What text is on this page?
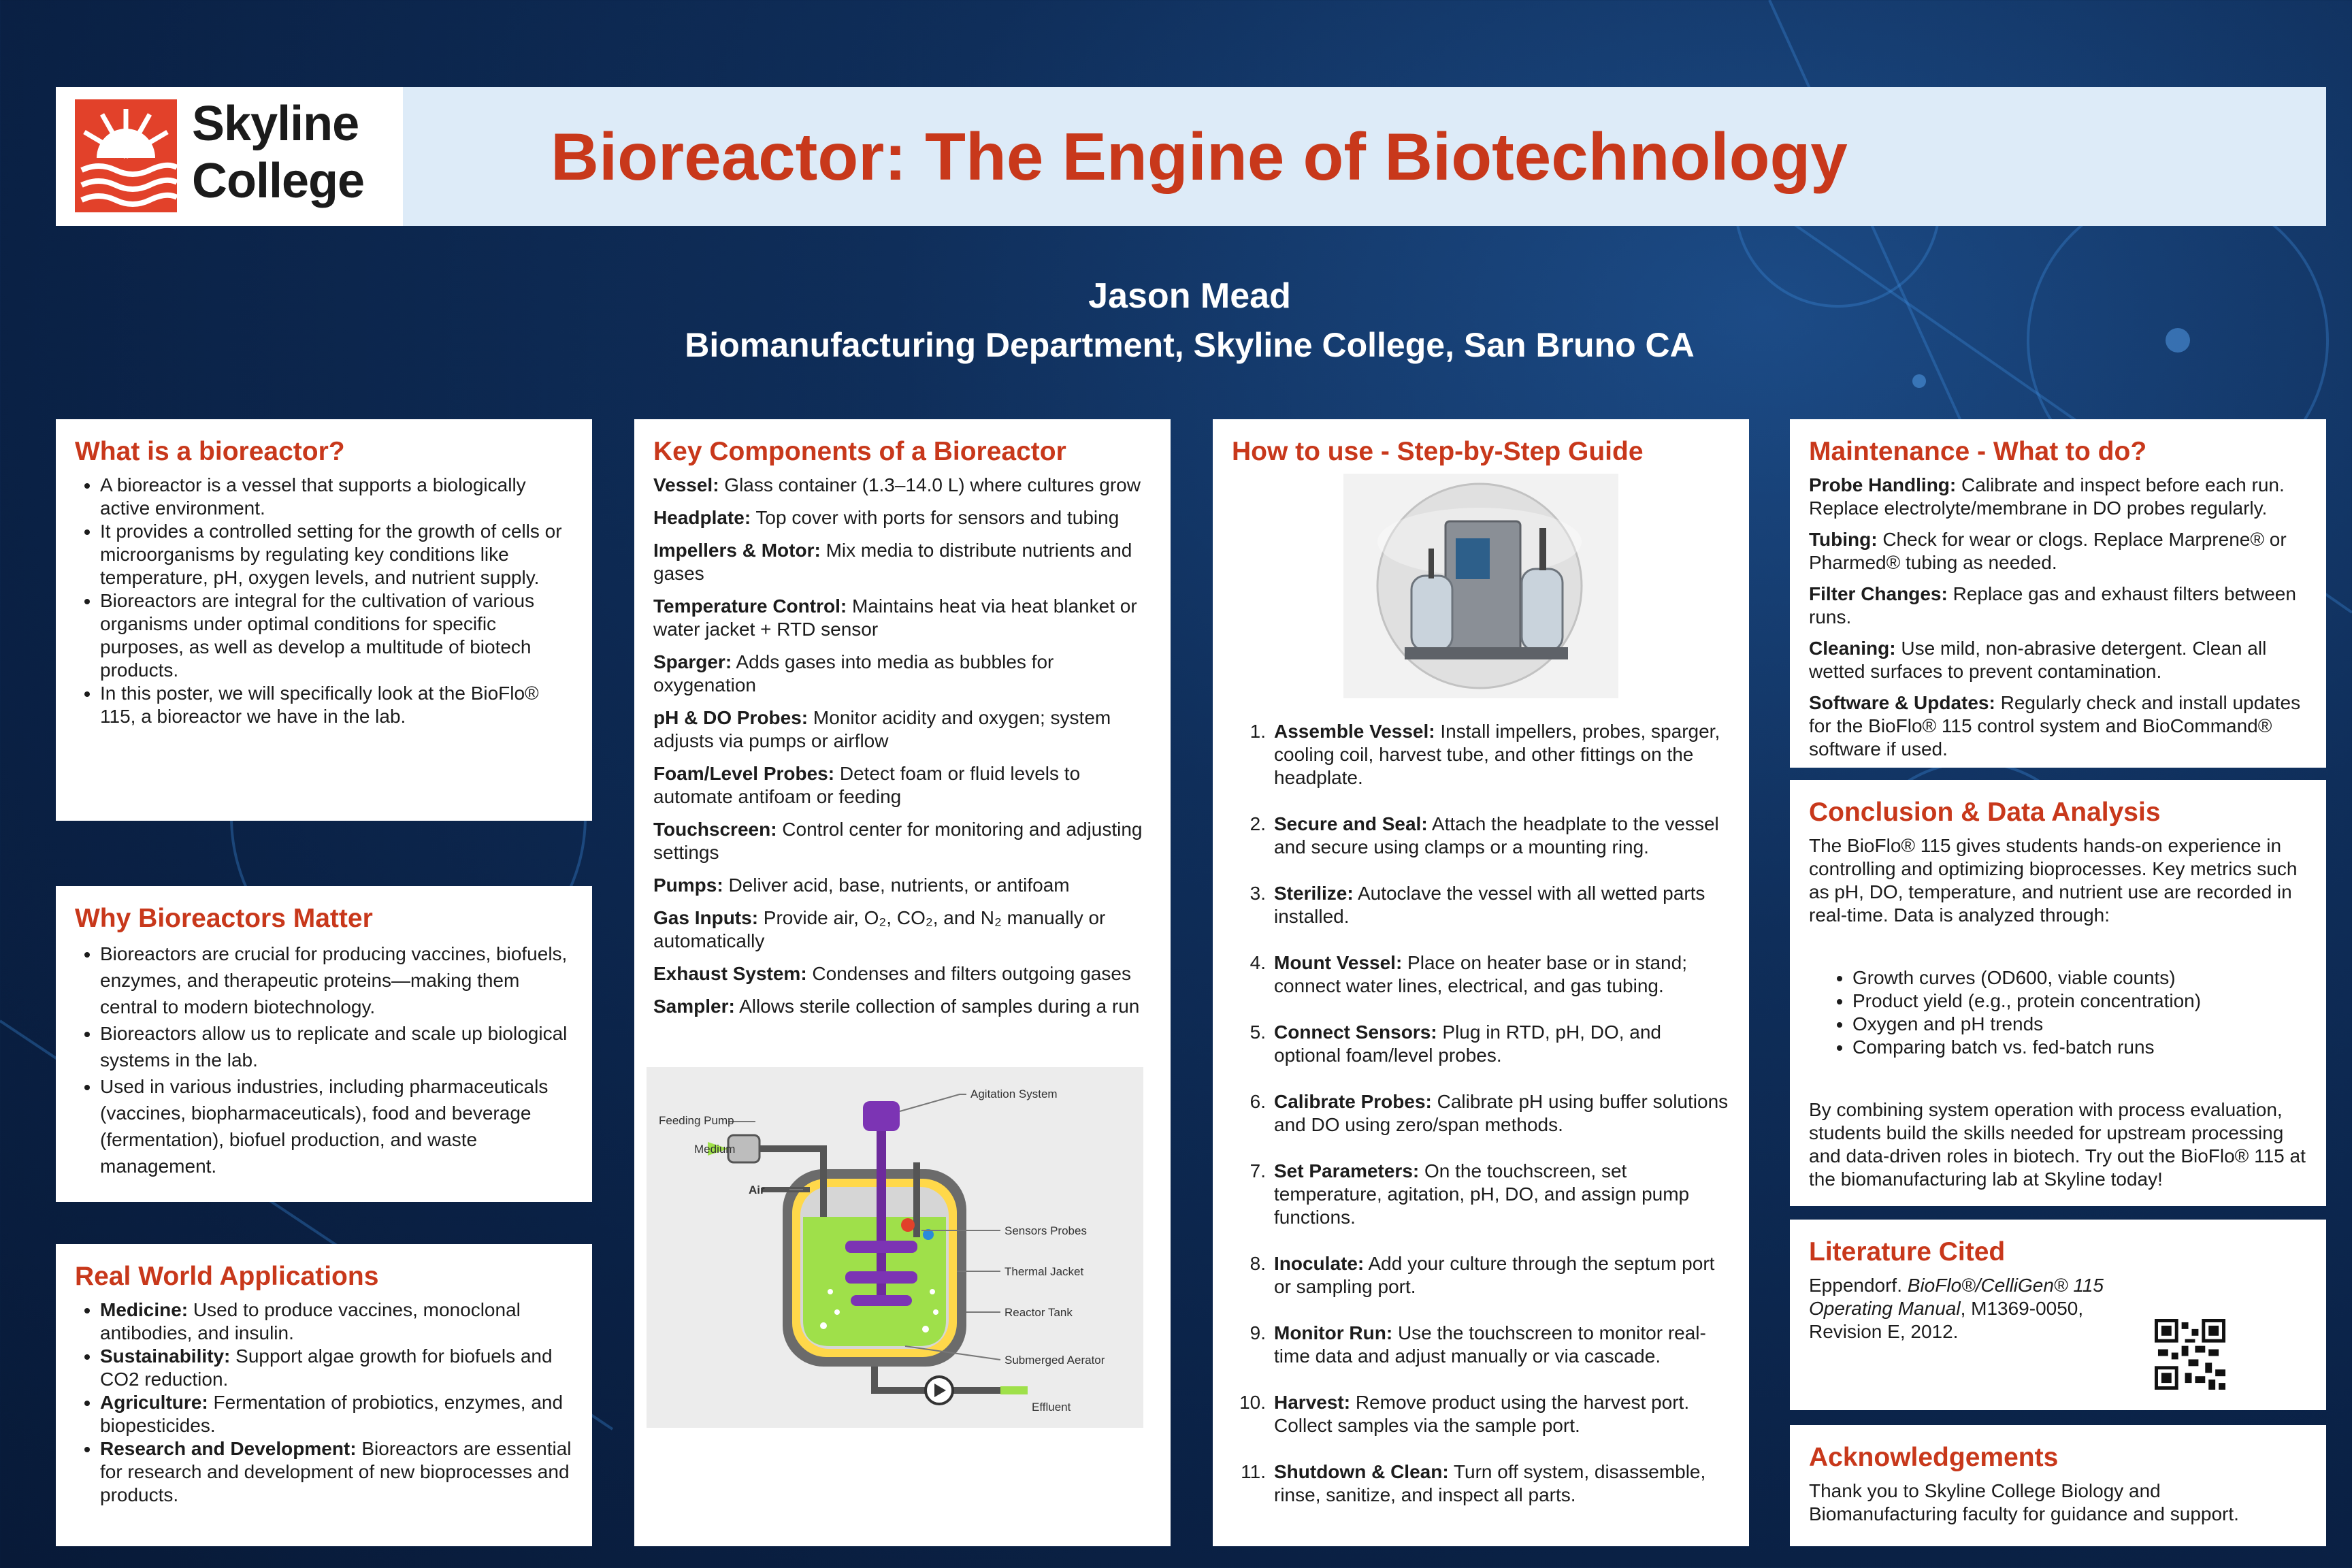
Skyline
College	Bioreactor: The Engine of Biotechnology
Jason Mead
Biomanufacturing Department, Skyline College, San Bruno CA
What is a bioreactor?
• A bioreactor is a vessel that supports a biologically active environment.
• It provides a controlled setting for the growth of cells or microorganisms by regulating key conditions like temperature, pH, oxygen levels, and nutrient supply.
• Bioreactors are integral for the cultivation of various organisms under optimal conditions for specific purposes, as well as develop a multitude of biotech products.
• In this poster, we will specifically look at the BioFlo® 115, a bioreactor we have in the lab.
Why Bioreactors Matter
• Bioreactors are crucial for producing vaccines, biofuels, enzymes, and therapeutic proteins—making them central to modern biotechnology.
• Bioreactors allow us to replicate and scale up biological systems in the lab.
• Used in various industries, including pharmaceuticals (vaccines, biopharmaceuticals), food and beverage (fermentation), biofuel production, and waste management.
Real World Applications
• Medicine: Used to produce vaccines, monoclonal antibodies, and insulin.
• Sustainability: Support algae growth for biofuels and CO2 reduction.
• Agriculture: Fermentation of probiotics, enzymes, and biopesticides.
• Research and Development: Bioreactors are essential for research and development of new bioprocesses and products.
Key Components of a Bioreactor

Vessel: Glass container (1.3–14.0 L) where cultures grow

Headplate: Top cover with ports for sensors and tubing

Impellers & Motor: Mix media to distribute nutrients and gases

Temperature Control: Maintains heat via heat blanket or water jacket + RTD sensor

Sparger: Adds gases into media as bubbles for oxygenation

pH & DO Probes: Monitor acidity and oxygen; system adjusts via pumps or airflow

Foam/Level Probes: Detect foam or fluid levels to automate antifoam or feeding

Touchscreen: Control center for monitoring and adjusting settings

Pumps: Deliver acid, base, nutrients, or antifoam

Gas Inputs: Provide air, O₂, CO₂, and N₂ manually or automatically

Exhaust System: Condenses and filters outgoing gases

Sampler: Allows sterile collection of samples during a run

Agitation System
Feeding Pump
Medium
Air
Sensors Probes
Thermal Jacket
Reactor Tank
Submerged Aerator
Effluent
How to use - Step-by-Step Guide
1. Assemble Vessel: Install impellers, probes, sparger, cooling coil, harvest tube, and other fittings on the headplate.
2. Secure and Seal: Attach the headplate to the vessel and secure using clamps or a mounting ring.
3. Sterilize: Autoclave the vessel with all wetted parts installed.
4. Mount Vessel: Place on heater base or in stand; connect water lines, electrical, and gas tubing.
5. Connect Sensors: Plug in RTD, pH, DO, and optional foam/level probes.
6. Calibrate Probes: Calibrate pH using buffer solutions and DO using zero/span methods.
7. Set Parameters: On the touchscreen, set temperature, agitation, pH, DO, and assign pump functions.
8. Inoculate: Add your culture through the septum port or sampling port.
9. Monitor Run: Use the touchscreen to monitor real-time data and adjust manually or via cascade.
10. Harvest: Remove product using the harvest port. Collect samples via the sample port.
11. Shutdown & Clean: Turn off system, disassemble, rinse, sanitize, and inspect all parts.
Maintenance - What to do?

Probe Handling: Calibrate and inspect before each run. Replace electrolyte/membrane in DO probes regularly.

Tubing: Check for wear or clogs. Replace Marprene® or Pharmed® tubing as needed.

Filter Changes: Replace gas and exhaust filters between runs.

Cleaning: Use mild, non-abrasive detergent. Clean all wetted surfaces to prevent contamination.

Software & Updates: Regularly check and install updates for the BioFlo® 115 control system and BioCommand® software if used.

Conclusion & Data Analysis

The BioFlo® 115 gives students hands-on experience in controlling and optimizing bioprocesses. Key metrics such as pH, DO, temperature, and nutrient use are recorded in real-time. Data is analyzed through:

• Growth curves (OD600, viable counts)
• Product yield (e.g., protein concentration)
• Oxygen and pH trends
• Comparing batch vs. fed-batch runs

By combining system operation with process evaluation, students build the skills needed for upstream processing and data-driven roles in biotech. Try out the BioFlo® 115 at the biomanufacturing lab at Skyline today!

Literature Cited

Eppendorf. BioFlo®/CelliGen® 115 Operating Manual, M1369-0050, Revision E, 2012.

Acknowledgements

Thank you to Skyline College Biology and Biomanufacturing faculty for guidance and support.
